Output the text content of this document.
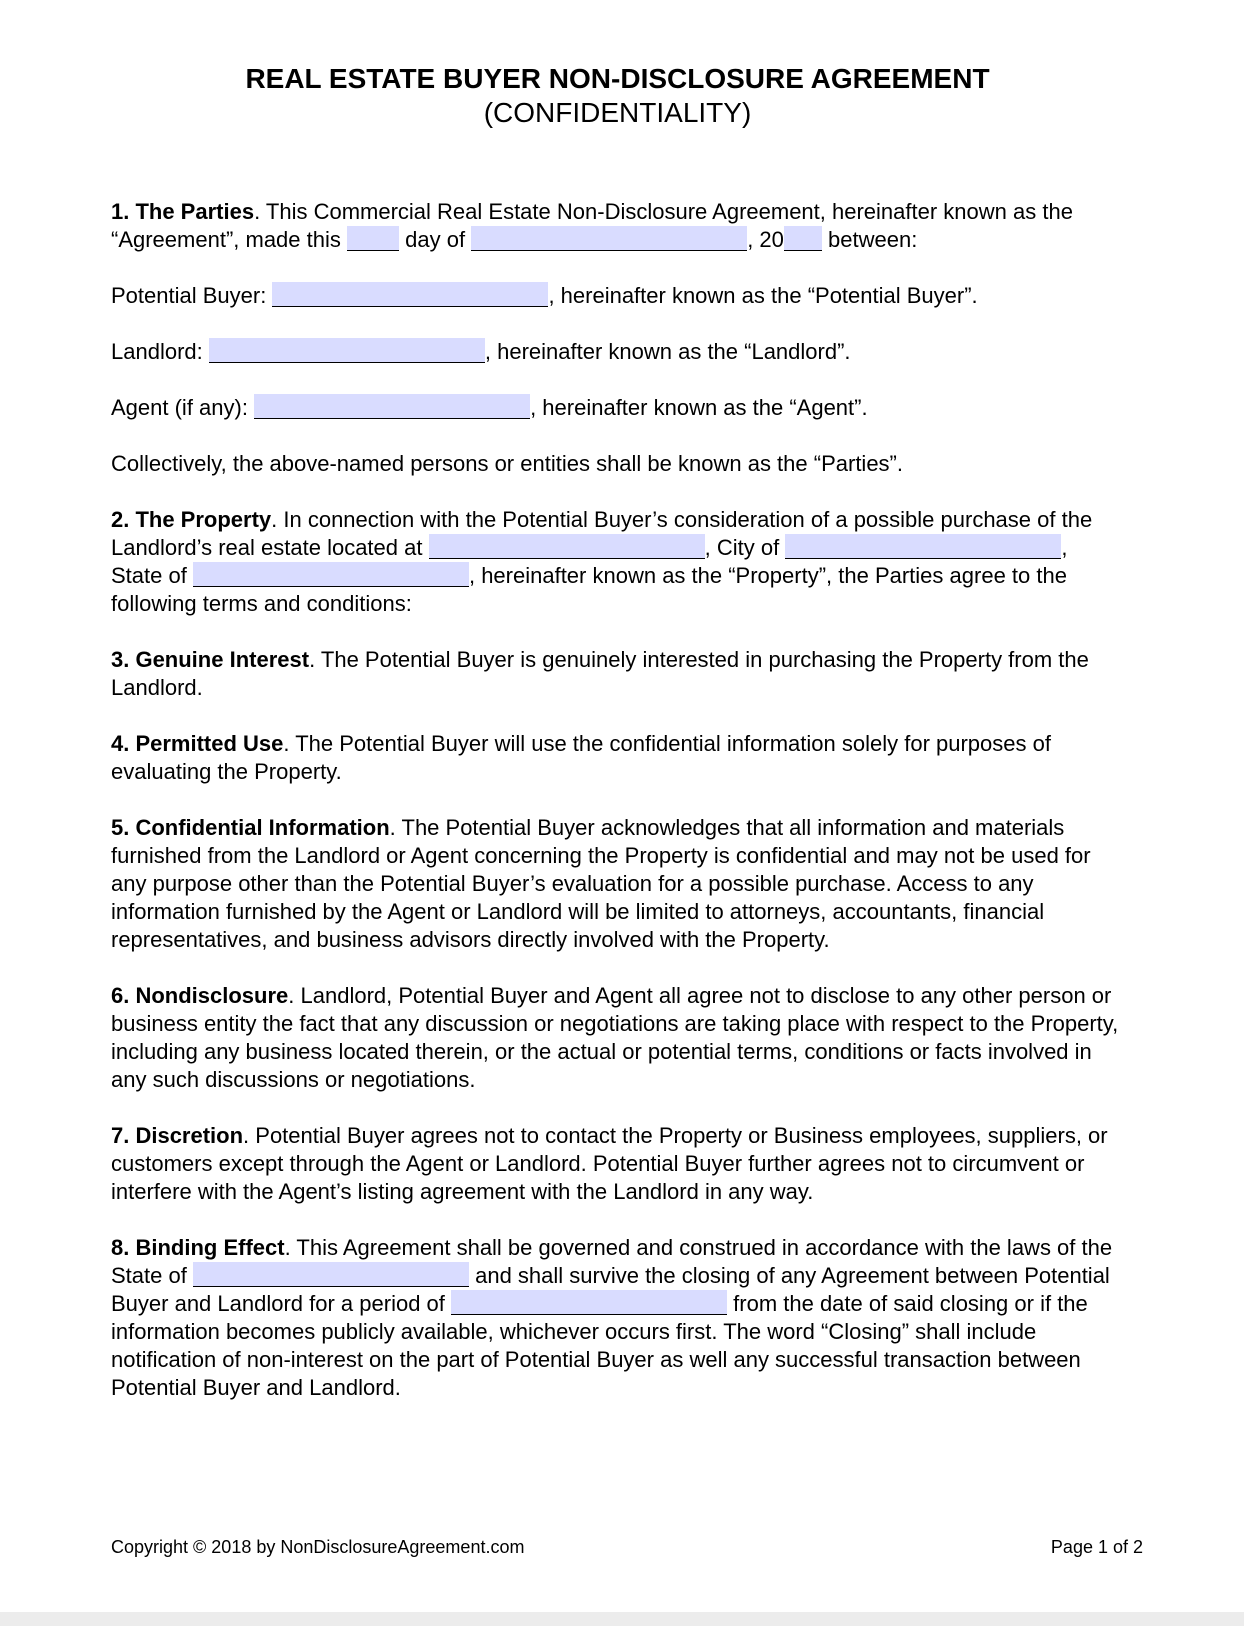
REAL ESTATE BUYER NON-DISCLOSURE AGREEMENT
(CONFIDENTIALITY)

1. The Parties. This Commercial Real Estate Non-Disclosure Agreement, hereinafter known as the “Agreement”, made this	day of	, 20 between:

Potential Buyer:	, hereinafter known as the “Potential Buyer”.

Landlord:	, hereinafter known as the “Landlord”.

Agent (if any):	, hereinafter known as the “Agent”.

Collectively, the above-named persons or entities shall be known as the “Parties”.

2. The Property. In connection with the Potential Buyer’s consideration of a possible purchase of the Landlord’s real estate located at	, City of	, State of	, hereinafter known as the “Property”, the Parties agree to the following terms and conditions:

3. Genuine Interest. The Potential Buyer is genuinely interested in purchasing the Property from the Landlord.

4. Permitted Use. The Potential Buyer will use the confidential information solely for purposes of evaluating the Property.

5. Confidential Information. The Potential Buyer acknowledges that all information and materials furnished from the Landlord or Agent concerning the Property is confidential and may not be used for any purpose other than the Potential Buyer’s evaluation for a possible purchase. Access to any information furnished by the Agent or Landlord will be limited to attorneys, accountants, financial representatives, and business advisors directly involved with the Property.

6. Nondisclosure. Landlord, Potential Buyer and Agent all agree not to disclose to any other person or business entity the fact that any discussion or negotiations are taking place with respect to the Property, including any business located therein, or the actual or potential terms, conditions or facts involved in any such discussions or negotiations.

7. Discretion. Potential Buyer agrees not to contact the Property or Business employees, suppliers, or customers except through the Agent or Landlord. Potential Buyer further agrees not to circumvent or interfere with the Agent’s listing agreement with the Landlord in any way.

8. Binding Effect. This Agreement shall be governed and construed in accordance with the laws of the State of	and shall survive the closing of any Agreement between Potential Buyer and Landlord for a period of	from the date of said closing or if the information becomes publicly available, whichever occurs first. The word “Closing” shall include notification of non-interest on the part of Potential Buyer as well any successful transaction between Potential Buyer and Landlord.

Copyright © 2018 by NonDisclosureAgreement.com	Page 1 of 2
